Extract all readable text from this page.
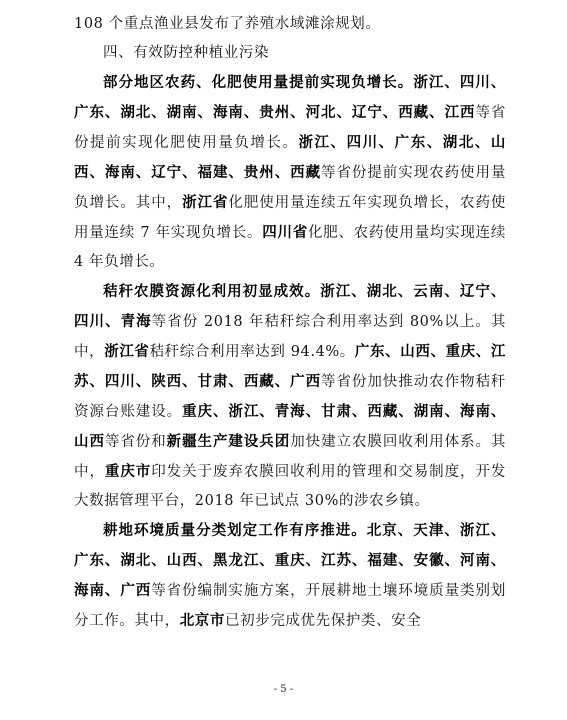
108 个重点渔业县发布了养殖水域滩涂规划。

四、有效防控种植业污染

部分地区农药、化肥使用量提前实现负增长。浙江、四川、广东、湖北、湖南、海南、贵州、河北、辽宁、西藏、江西等省份提前实现化肥使用量负增长。浙江、四川、广东、湖北、山西、海南、辽宁、福建、贵州、西藏等省份提前实现农药使用量负增长。其中，浙江省化肥使用量连续五年实现负增长，农药使用量连续 7 年实现负增长。四川省化肥、农药使用量均实现连续 4 年负增长。

秸秆农膜资源化利用初显成效。浙江、湖北、云南、辽宁、四川、青海等省份 2018 年秸秆综合利用率达到 80%以上。其中，浙江省秸秆综合利用率达到 94.4%。广东、山西、重庆、江苏、四川、陕西、甘肃、西藏、广西等省份加快推动农作物秸秆资源台账建设。重庆、浙江、青海、甘肃、西藏、湖南、海南、山西等省份和新疆生产建设兵团加快建立农膜回收利用体系。其中，重庆市印发关于废弃农膜回收利用的管理和交易制度，开发大数据管理平台，2018 年已试点 30%的涉农乡镇。

耕地环境质量分类划定工作有序推进。北京、天津、浙江、广东、湖北、山西、黑龙江、重庆、江苏、福建、安徽、河南、海南、广西等省份编制实施方案，开展耕地土壤环境质量类别划分工作。其中，北京市已初步完成优先保护类、安全

- 5 -
